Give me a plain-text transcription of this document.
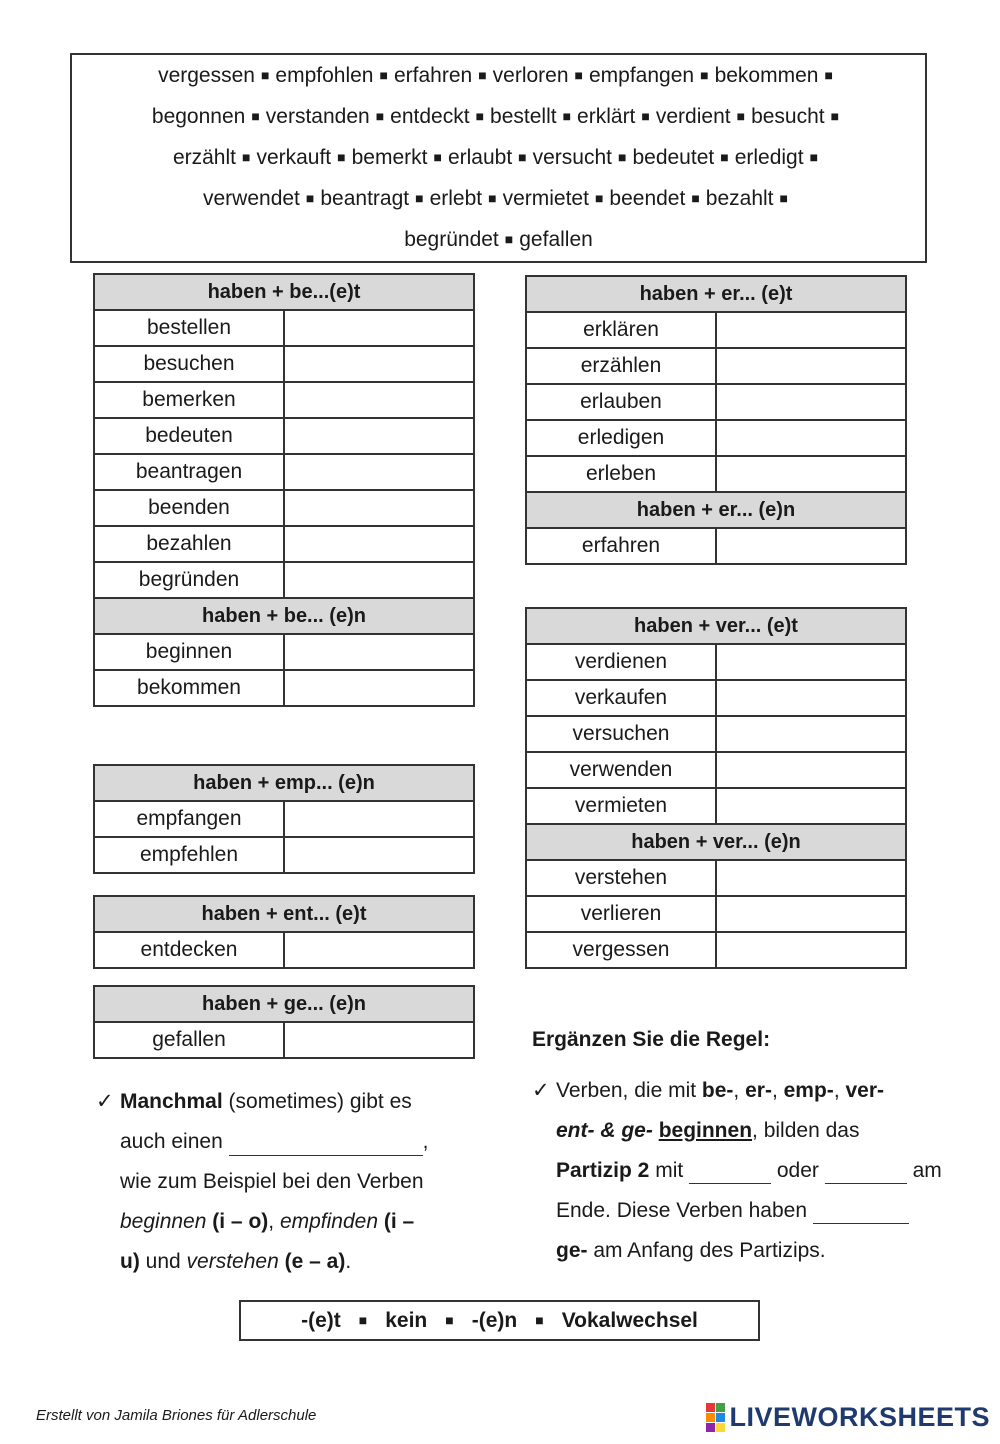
vergessen ■ empfohlen ■ erfahren ■ verloren ■ empfangen ■ bekommen ■
begonnen ■ verstanden ■ entdeckt ■ bestellt ■ erklärt ■ verdient ■ besucht ■
erzählt ■ verkauft ■ bemerkt ■ erlaubt ■ versucht ■ bedeutet ■ erledigt ■
verwendet ■ beantragt ■ erlebt ■ vermietet ■ beendet ■ bezahlt ■
begründet ■ gefallen
haben + be...(e)t	
bestellen	
besuchen	
bemerken	
bedeuten	
beantragen	
beenden	
bezahlen	
begründen	
haben + be... (e)n	
beginnen	
bekommen	
haben + emp... (e)n	
empfangen	
empfehlen	
haben + ent... (e)t
entdecken	
haben + ge... (e)n
gefallen	
haben + er... (e)t	
erklären	
erzählen	
erlauben	
erledigen	
erleben	
haben + er... (e)n	
erfahren	
haben + ver... (e)t	
verdienen	
verkaufen	
versuchen	
verwenden	
vermieten	
haben + ver... (e)n	
verstehen	
verlieren	
vergessen	
✓ Manchmal (sometimes) gibt es
auch einen	,
wie zum Beispiel bei den Verben
beginnen (i – o), empfinden (i –
u) und verstehen (e – a).
Ergänzen Sie die Regel:
✓ Verben, die mit be-, er-, emp-, ver-
ent- & ge- beginnen, bilden das
Partizip 2 mit	oder	am
Ende. Diese Verben haben
ge- am Anfang des Partizips.
-(e)t ■ kein ■ -(e)n ■ Vokalwechsel
Erstellt von Jamila Briones für Adlerschule	LIVEWORKSHEETS
